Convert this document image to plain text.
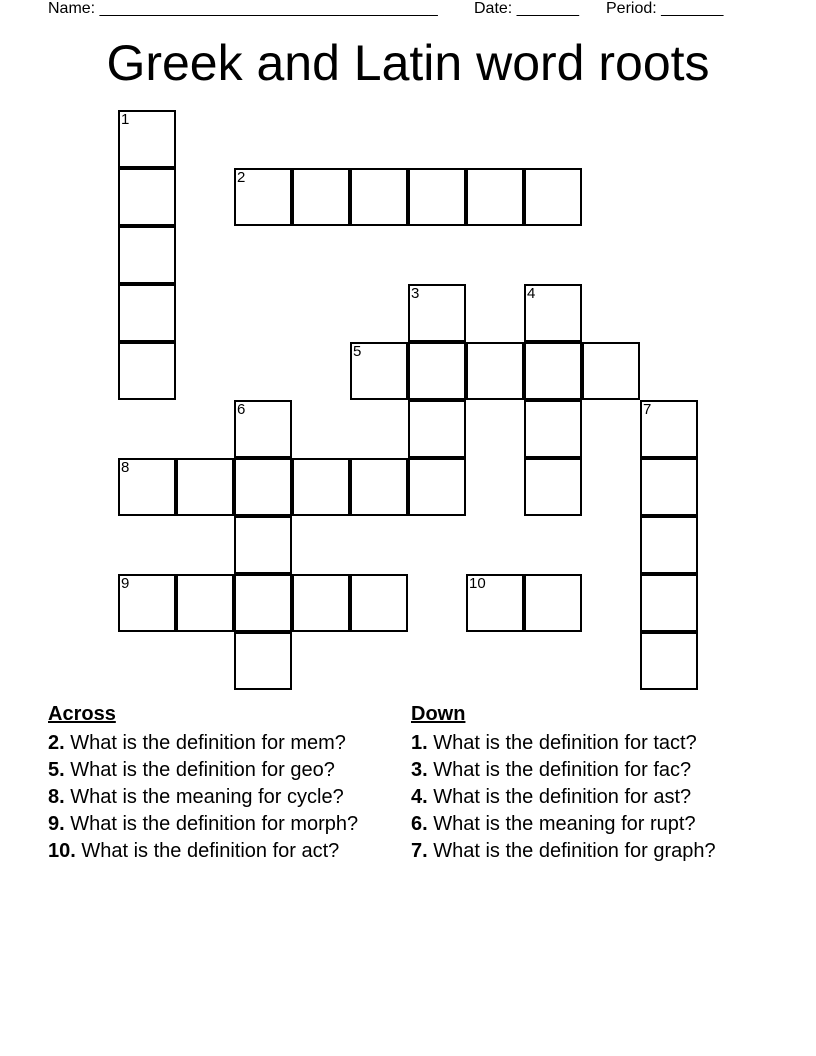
Name: ______________________________________ Date: _______ Period: _______
Greek and Latin word roots
1
2
3	4
5
6	7
8
9	10
Across
2. What is the definition for mem?
5. What is the definition for geo?
8. What is the meaning for cycle?
9. What is the definition for morph?
10. What is the definition for act?
Down
1. What is the definition for tact?
3. What is the definition for fac?
4. What is the definition for ast?
6. What is the meaning for rupt?
7. What is the definition for graph?
